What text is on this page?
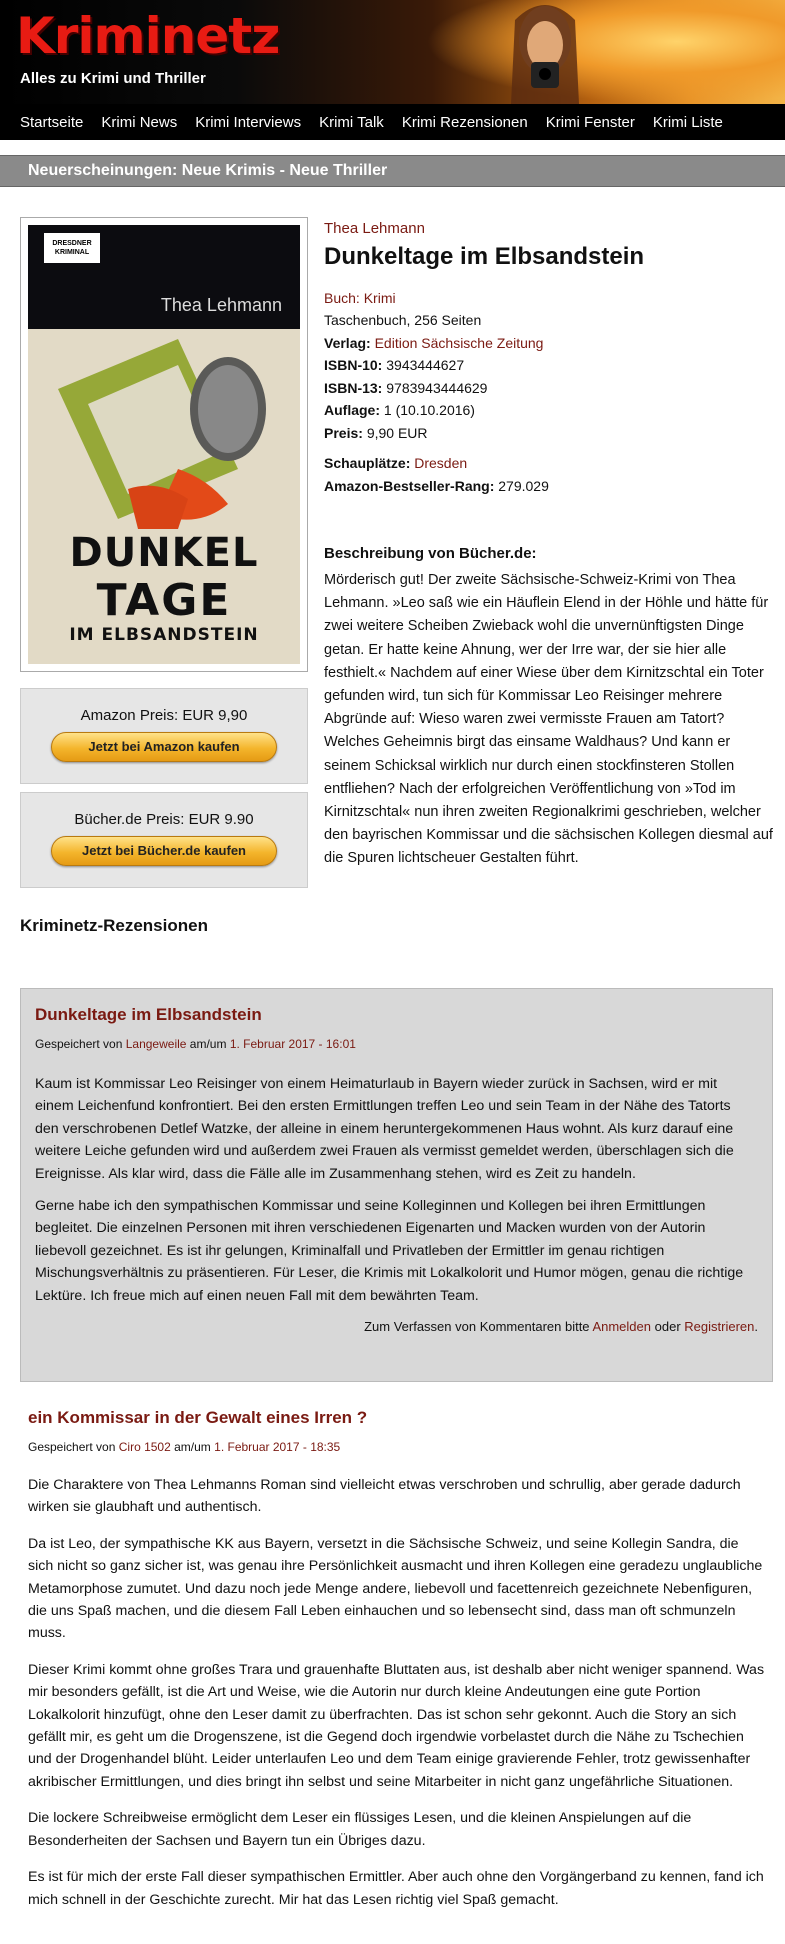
Kriminetz
Alles zu Krimi und Thriller
Startseite Krimi News Krimi Interviews Krimi Talk Krimi Rezensionen Krimi Fenster Krimi Liste
Neuerscheinungen: Neue Krimis - Neue Thriller
DRESDNER KRIMINAL
Thea Lehmann
DUNKEL
TAGE
IM ELBSANDSTEIN
Amazon Preis: EUR 9,90
Jetzt bei Amazon kaufen
Bücher.de Preis: EUR 9.90
Jetzt bei Bücher.de kaufen
Thea Lehmann
Dunkeltage im Elbsandstein
Buch: Krimi
Taschenbuch, 256 Seiten
Verlag: Edition Sächsische Zeitung
ISBN-10: 3943444627
ISBN-13: 9783943444629
Auflage: 1 (10.10.2016)
Preis: 9,90 EUR
Schauplätze: Dresden
Amazon-Bestseller-Rang: 279.029
Beschreibung von Bücher.de:
Mörderisch gut! Der zweite Sächsische-Schweiz-Krimi von Thea Lehmann. »Leo saß wie ein Häuflein Elend in der Höhle und hätte für zwei weitere Scheiben Zwieback wohl die unvernünftigsten Dinge getan. Er hatte keine Ahnung, wer der Irre war, der sie hier alle festhielt.« Nachdem auf einer Wiese über dem Kirnitzschtal ein Toter gefunden wird, tun sich für Kommissar Leo Reisinger mehrere Abgründe auf: Wieso waren zwei vermisste Frauen am Tatort? Welches Geheimnis birgt das einsame Waldhaus? Und kann er seinem Schicksal wirklich nur durch einen stockfinsteren Stollen entfliehen? Nach der erfolgreichen Veröffentlichung von »Tod im Kirnitzschtal« nun ihren zweiten Regionalkrimi geschrieben, welcher den bayrischen Kommissar und die sächsischen Kollegen diesmal auf die Spuren lichtscheuer Gestalten führt.
Kriminetz-Rezensionen
Dunkeltage im Elbsandstein
Gespeichert von Langeweile am/um 1. Februar 2017 - 16:01
Kaum ist Kommissar Leo Reisinger von einem Heimaturlaub in Bayern wieder zurück in Sachsen, wird er mit einem Leichenfund konfrontiert. Bei den ersten Ermittlungen treffen Leo und sein Team in der Nähe des Tatorts den verschrobenen Detlef Watzke, der alleine in einem heruntergekommenen Haus wohnt. Als kurz darauf eine weitere Leiche gefunden wird und außerdem zwei Frauen als vermisst gemeldet werden, überschlagen sich die Ereignisse. Als klar wird, dass die Fälle alle im Zusammenhang stehen, wird es Zeit zu handeln.
Gerne habe ich den sympathischen Kommissar und seine Kolleginnen und Kollegen bei ihren Ermittlungen begleitet. Die einzelnen Personen mit ihren verschiedenen Eigenarten und Macken wurden von der Autorin liebevoll gezeichnet. Es ist ihr gelungen, Kriminalfall und Privatleben der Ermittler im genau richtigen Mischungsverhältnis zu präsentieren. Für Leser, die Krimis mit Lokalkolorit und Humor mögen, genau die richtige Lektüre. Ich freue mich auf einen neuen Fall mit dem bewährten Team.
Zum Verfassen von Kommentaren bitte Anmelden oder Registrieren.
ein Kommissar in der Gewalt eines Irren ?
Gespeichert von Ciro 1502 am/um 1. Februar 2017 - 18:35
Die Charaktere von Thea Lehmanns Roman sind vielleicht etwas verschroben und schrullig, aber gerade dadurch wirken sie glaubhaft und authentisch.
Da ist Leo, der sympathische KK aus Bayern, versetzt in die Sächsische Schweiz, und seine Kollegin Sandra, die sich nicht so ganz sicher ist, was genau ihre Persönlichkeit ausmacht und ihren Kollegen eine geradezu unglaubliche Metamorphose zumutet. Und dazu noch jede Menge andere, liebevoll und facettenreich gezeichnete Nebenfiguren, die uns Spaß machen, und die diesem Fall Leben einhauchen und so lebensecht sind, dass man oft schmunzeln muss.
Dieser Krimi kommt ohne großes Trara und grauenhafte Bluttaten aus, ist deshalb aber nicht weniger spannend. Was mir besonders gefällt, ist die Art und Weise, wie die Autorin nur durch kleine Andeutungen eine gute Portion Lokalkolorit hinzufügt, ohne den Leser damit zu überfrachten. Das ist schon sehr gekonnt. Auch die Story an sich gefällt mir, es geht um die Drogenszene, ist die Gegend doch irgendwie vorbelastet durch die Nähe zu Tschechien und der Drogenhandel blüht. Leider unterlaufen Leo und dem Team einige gravierende Fehler, trotz gewissenhafter akribischer Ermittlungen, und dies bringt ihn selbst und seine Mitarbeiter in nicht ganz ungefährliche Situationen.
Die lockere Schreibweise ermöglicht dem Leser ein flüssiges Lesen, und die kleinen Anspielungen auf die Besonderheiten der Sachsen und Bayern tun ein Übriges dazu.
Es ist für mich der erste Fall dieser sympathischen Ermittler. Aber auch ohne den Vorgängerband zu kennen, fand ich mich schnell in der Geschichte zurecht. Mir hat das Lesen richtig viel Spaß gemacht.
